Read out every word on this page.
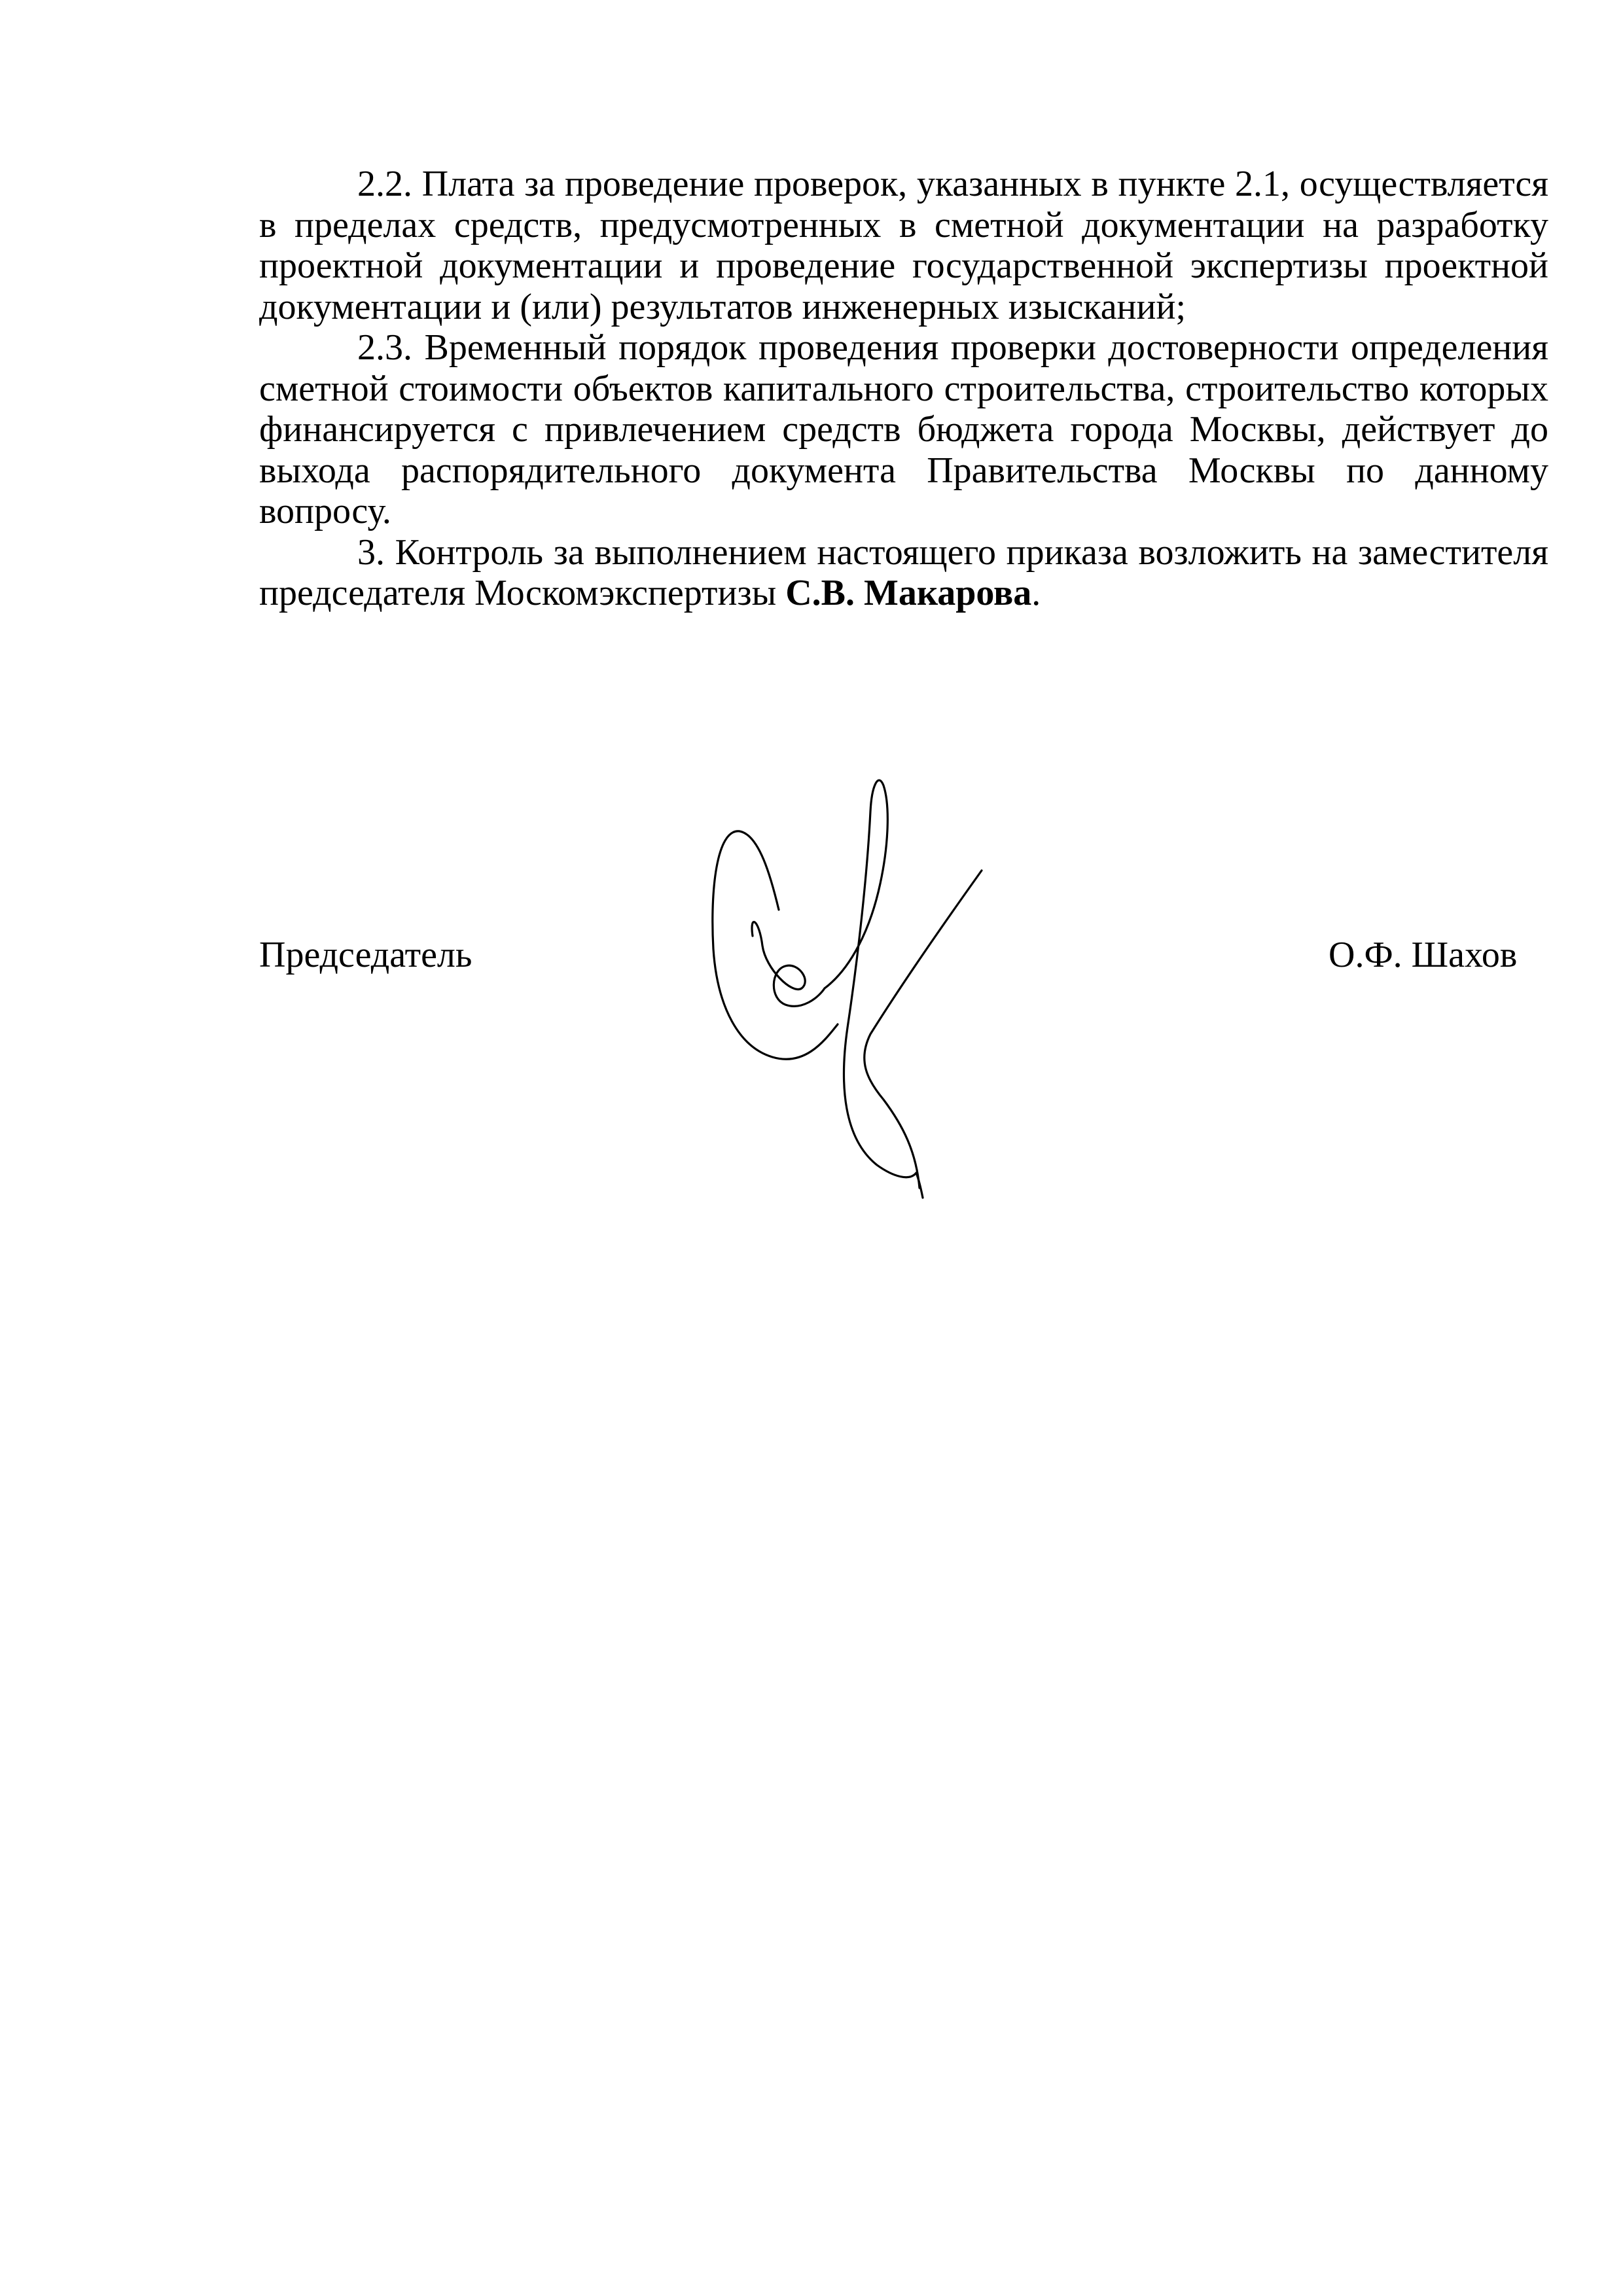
2.2. Плата за проведение проверок, указанных в пункте 2.1, осуществляется в пределах средств, предусмотренных в сметной документации на разработку проектной документации и проведение государственной экспертизы проектной документации и (или) результатов инженерных изысканий;

2.3. Временный порядок проведения проверки достоверности определения сметной стоимости объектов капитального строительства, строительство которых финансируется с привлечением средств бюджета города Москвы, действует до выхода распорядительного документа Правительства Москвы по данному вопросу.

3. Контроль за выполнением настоящего приказа возложить на заместителя председателя Москомэкспертизы С.В. Макарова.

Председатель	О.Ф. Шахов
